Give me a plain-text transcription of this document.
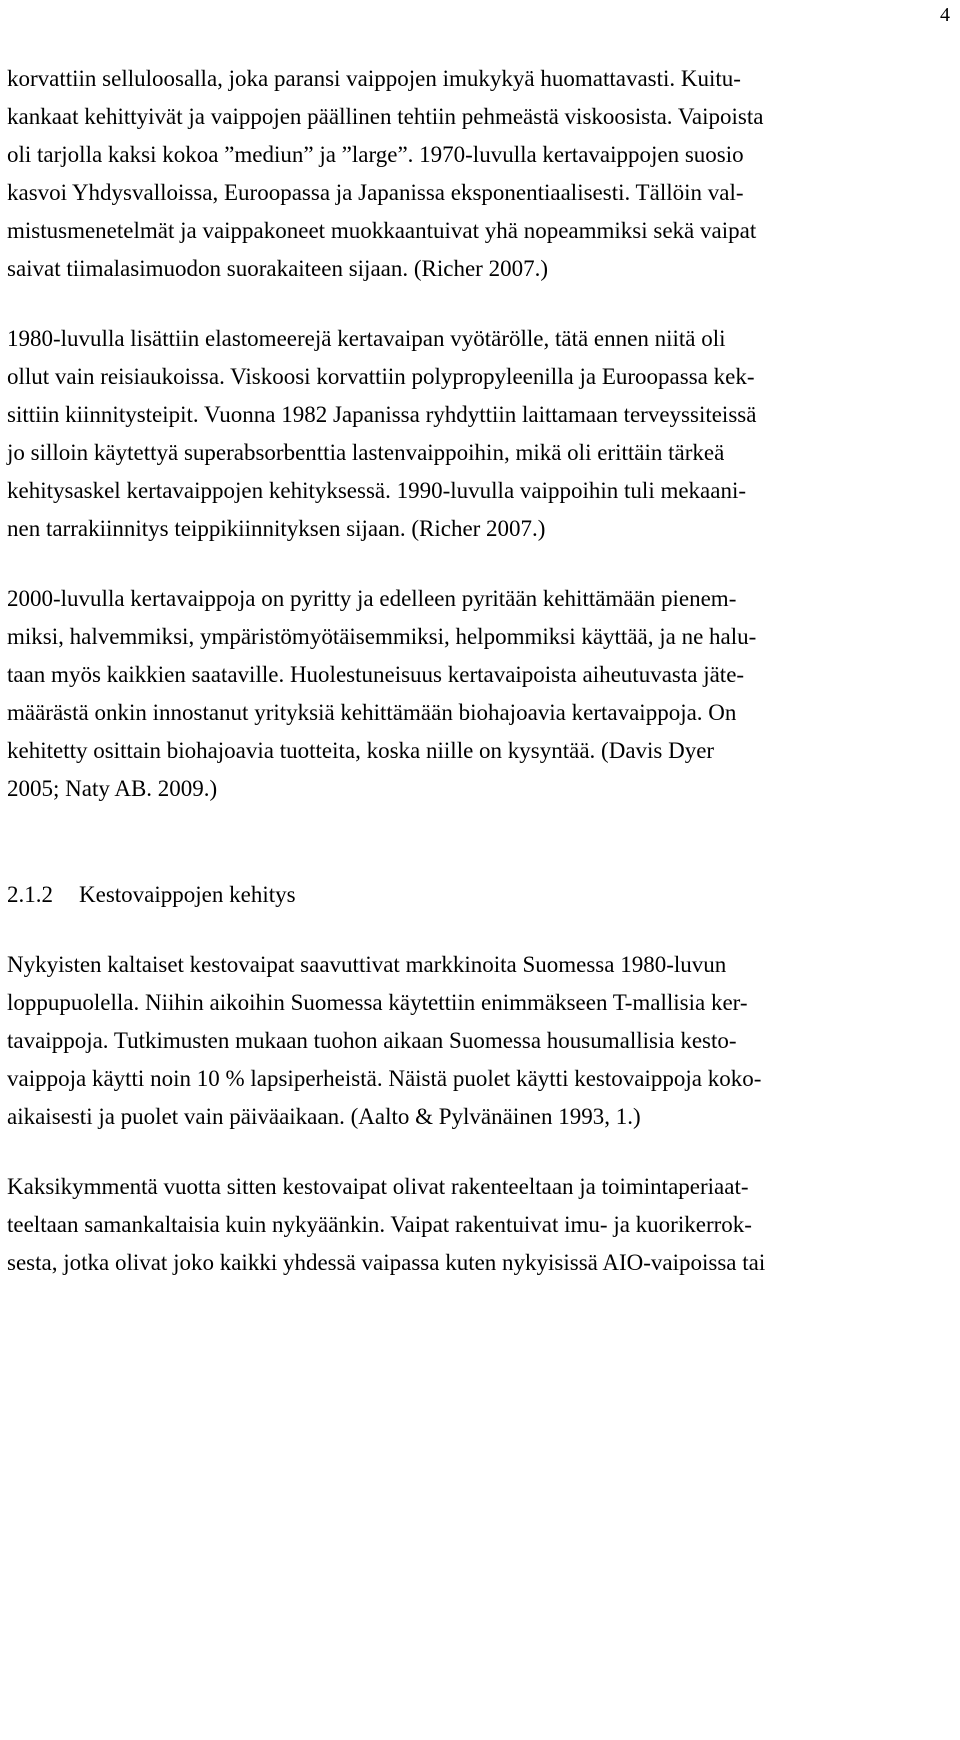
4
korvattiin selluloosalla, joka paransi vaippojen imukykyä huomattavasti. Kuitu-
kankaat kehittyivät ja vaippojen päällinen tehtiin pehmeästä viskoosista. Vaipoista
oli tarjolla kaksi kokoa ”mediun” ja ”large”. 1970-luvulla kertavaippojen suosio
kasvoi Yhdysvalloissa, Euroopassa ja Japanissa eksponentiaalisesti. Tällöin val-
mistusmenetelmät ja vaippakoneet muokkaantuivat yhä nopeammiksi sekä vaipat
saivat tiimalasimuodon suorakaiteen sijaan. (Richer 2007.)
1980-luvulla lisättiin elastomeerejä kertavaipan vyötärölle, tätä ennen niitä oli
ollut vain reisiaukoissa. Viskoosi korvattiin polypropyleenilla ja Euroopassa kek-
sittiin kiinnitysteipit. Vuonna 1982 Japanissa ryhdyttiin laittamaan terveyssiteissä
jo silloin käytettyä superabsorbenttia lastenvaippoihin, mikä oli erittäin tärkeä
kehitysaskel kertavaippojen kehityksessä. 1990-luvulla vaippoihin tuli mekaani-
nen tarrakiinnitys teippikiinnityksen sijaan. (Richer 2007.)
2000-luvulla kertavaippoja on pyritty ja edelleen pyritään kehittämään pienem-
miksi, halvemmiksi, ympäristömyötäisemmiksi, helpommiksi käyttää, ja ne halu-
taan myös kaikkien saataville. Huolestuneisuus kertavaipoista aiheutuvasta jäte-
määrästä onkin innostanut yrityksiä kehittämään biohajoavia kertavaippoja. On
kehitetty osittain biohajoavia tuotteita, koska niille on kysyntää. (Davis Dyer
2005; Naty AB. 2009.)
2.1.2 Kestovaippojen kehitys
Nykyisten kaltaiset kestovaipat saavuttivat markkinoita Suomessa 1980-luvun
loppupuolella. Niihin aikoihin Suomessa käytettiin enimmäkseen T-mallisia ker-
tavaippoja. Tutkimusten mukaan tuohon aikaan Suomessa housumallisia kesto-
vaippoja käytti noin 10 % lapsiperheistä. Näistä puolet käytti kestovaippoja koko-
aikaisesti ja puolet vain päiväaikaan. (Aalto & Pylvänäinen 1993, 1.)
Kaksikymmentä vuotta sitten kestovaipat olivat rakenteeltaan ja toimintaperiaat-
teeltaan samankaltaisia kuin nykyäänkin. Vaipat rakentuivat imu- ja kuorikerrok-
sesta, jotka olivat joko kaikki yhdessä vaipassa kuten nykyisissä AIO-vaipoissa tai
